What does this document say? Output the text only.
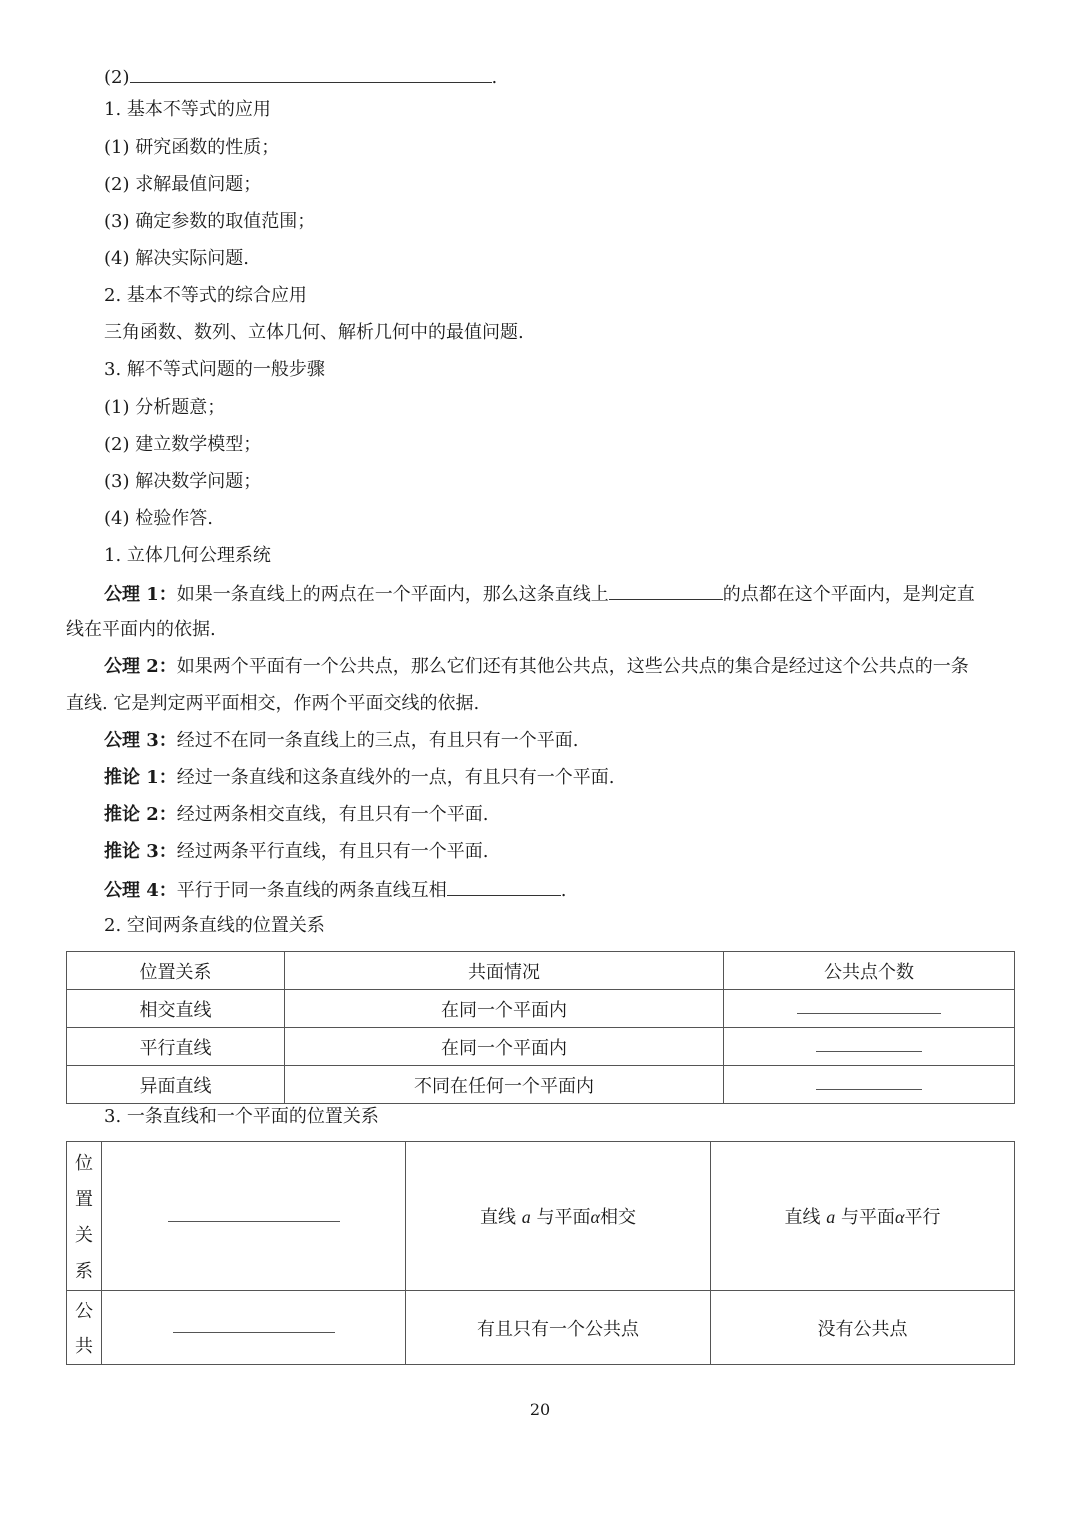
(2)	.
1. 基本不等式的应用
(1) 研究函数的性质；
(2) 求解最值问题；
(3) 确定参数的取值范围；
(4) 解决实际问题.
2. 基本不等式的综合应用
三角函数、数列、立体几何、解析几何中的最值问题.
3. 解不等式问题的一般步骤
(1) 分析题意；
(2) 建立数学模型；
(3) 解决数学问题；
(4) 检验作答.
1. 立体几何公理系统
公理 1：如果一条直线上的两点在一个平面内，那么这条直线上	的点都在这个平面内，是判定直
线在平面内的依据.
公理 2：如果两个平面有一个公共点，那么它们还有其他公共点，这些公共点的集合是经过这个公共点的一条
直线. 它是判定两平面相交，作两个平面交线的依据.
公理 3：经过不在同一条直线上的三点，有且只有一个平面.
推论 1：经过一条直线和这条直线外的一点，有且只有一个平面.
推论 2：经过两条相交直线，有且只有一个平面.
推论 3：经过两条平行直线，有且只有一个平面.
公理 4：平行于同一条直线的两条直线互相	.
2. 空间两条直线的位置关系
位置关系	共面情况	公共点个数
相交直线	在同一个平面内	
平行直线	在同一个平面内	
异面直线	不同在任何一个平面内	
3. 一条直线和一个平面的位置关系
位
置
关
系		直线 a 与平面α相交	直线 a 与平面α平行

公
共		有且只有一个公共点	没有公共点
20
